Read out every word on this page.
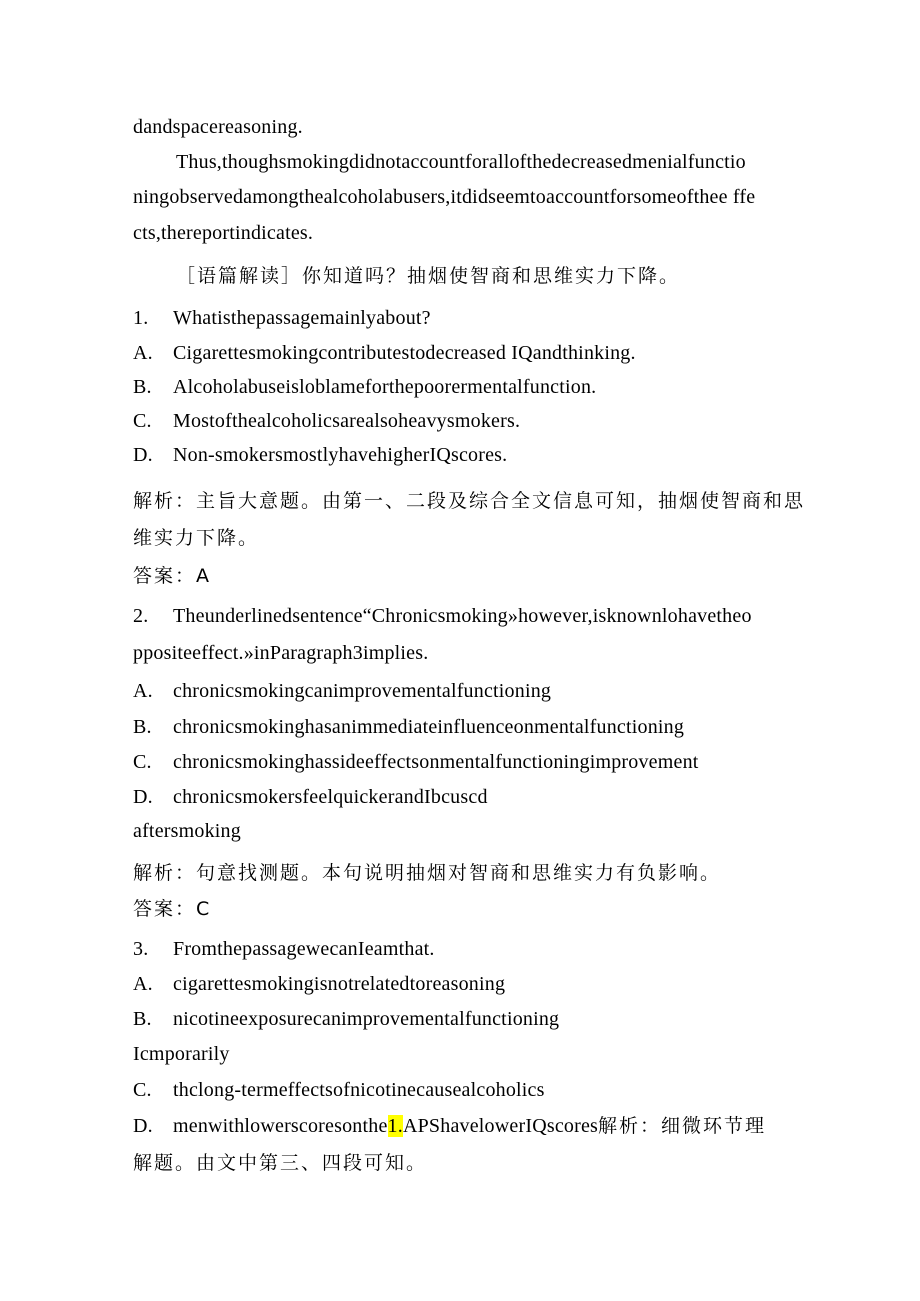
dandspacereasoning.
Thus,thoughsmokingdidnotaccountforallofthedecreasedmenialfunctio
ningobservedamongthealcoholabusers,itdidseemtoaccountforsomeofthee ffe
cts,thereportindicates.
［语篇解读］你知道吗？抽烟使智商和思维实力下降。
1. Whatisthepassagemainlyabout?
A. Cigarettesmokingcontributestodecreased IQandthinking.
B. Alcoholabuseisloblameforthepoorermentalfunction.
C. Mostofthealcoholicsarealsoheavysmokers.
D. Non-smokersmostlyhavehigherIQscores.
解析：主旨大意题。由第一、二段及综合全文信息可知，抽烟使智商和思
维实力下降。
答案：A
2. Theunderlinedsentence“Chronicsmoking»however,isknownlohavetheo
ppositeeffect.»inParagraph3implies.
A. chronicsmokingcanimprovementalfunctioning
B. chronicsmokinghasanimmediateinfluenceonmentalfunctioning
C. chronicsmokinghassideeffectsonmentalfunctioningimprovement
D. chronicsmokersfeelquickerandIbcuscd
aftersmoking
解析：句意找测题。本句说明抽烟对智商和思维实力有负影响。
答案：C
3. FromthepassagewecanIeamthat.
A. cigarettesmokingisnotrelatedtoreasoning
B. nicotineexposurecanimprovementalfunctioning
Icmporarily
C. thclong-termeffectsofnicotinecausealcoholics
D. menwithlowerscoresonthe1.APShavelowerIQscores解析：细微环节理
解题。由文中第三、四段可知。
